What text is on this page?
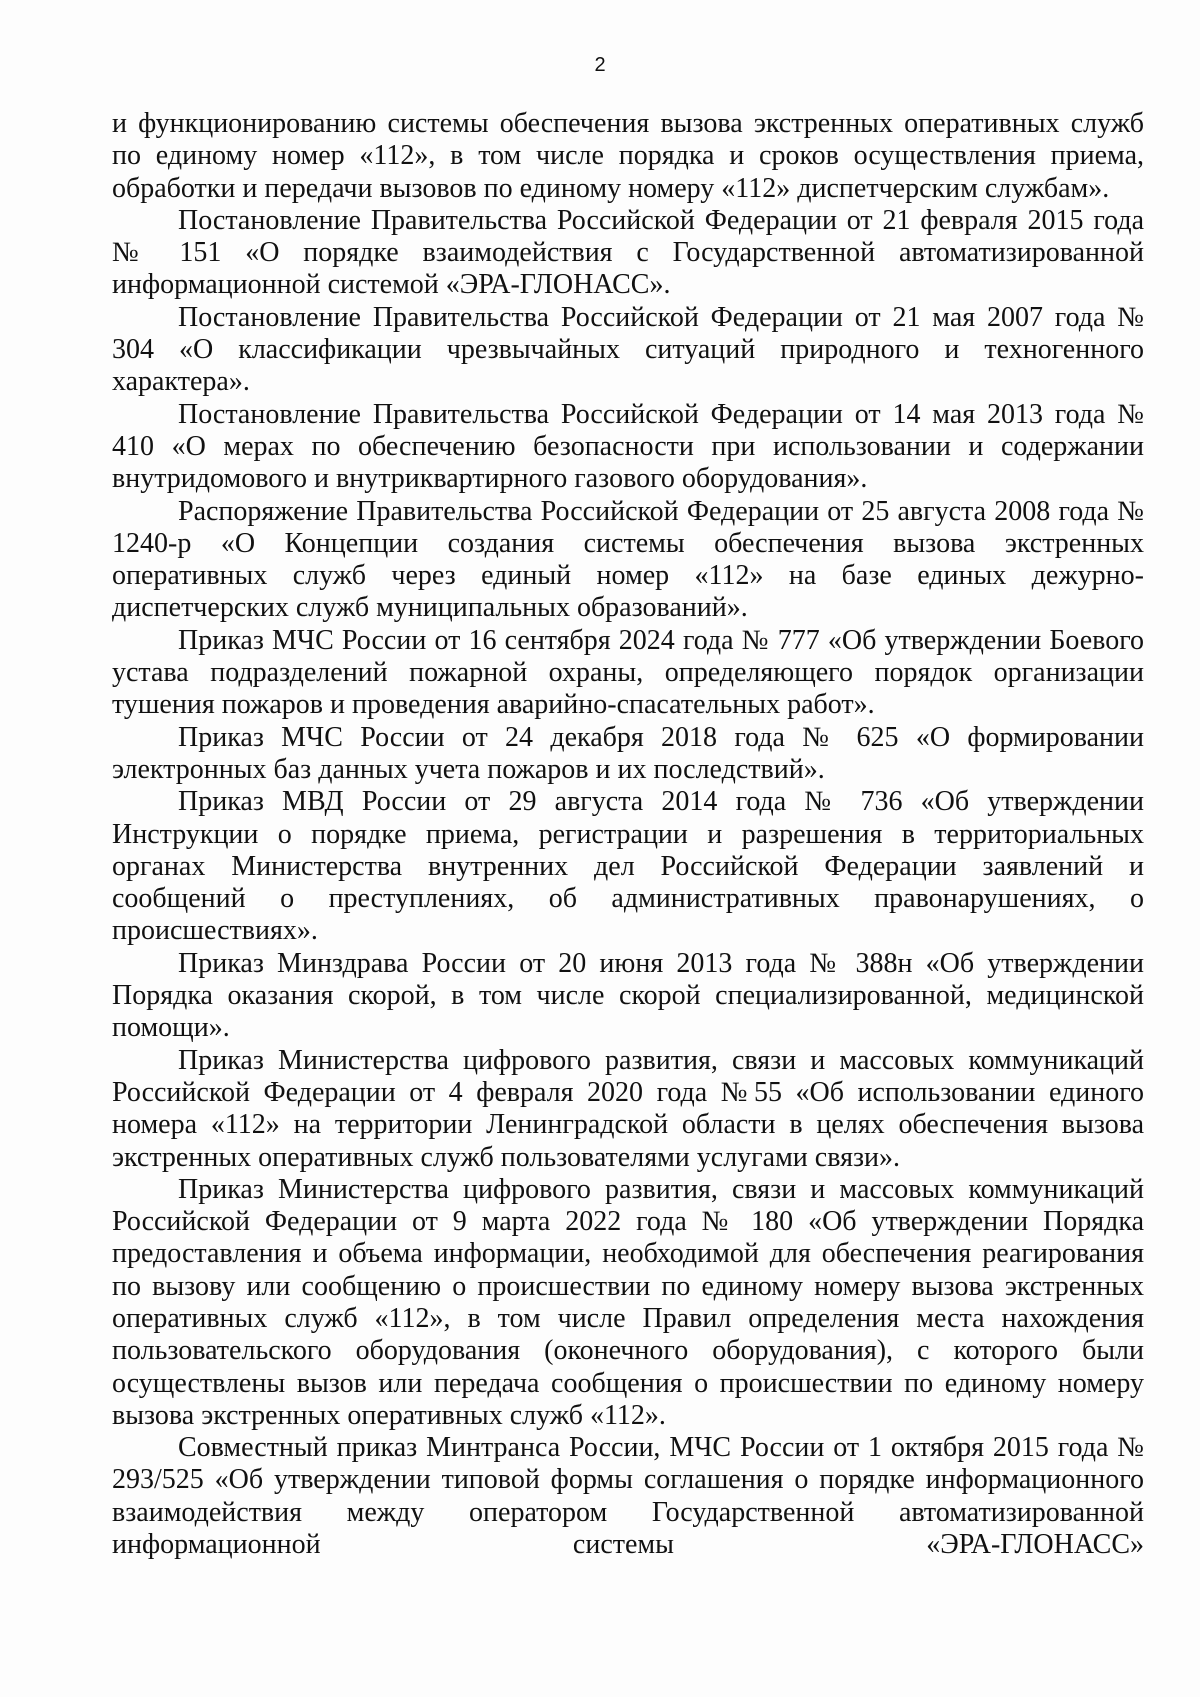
2

и функционированию системы обеспечения вызова экстренных оперативных служб по единому номер «112», в том числе порядка и сроков осуществления приема, обработки и передачи вызовов по единому номеру «112» диспетчерским службам».

Постановление Правительства Российской Федерации от 21 февраля 2015 года № 151 «О порядке взаимодействия с Государственной автоматизированной информационной системой «ЭРА-ГЛОНАСС».

Постановление Правительства Российской Федерации от 21 мая 2007 года № 304 «О классификации чрезвычайных ситуаций природного и техногенного характера».

Постановление Правительства Российской Федерации от 14 мая 2013 года № 410 «О мерах по обеспечению безопасности при использовании и содержании внутридомового и внутриквартирного газового оборудования».

Распоряжение Правительства Российской Федерации от 25 августа 2008 года № 1240-р «О Концепции создания системы обеспечения вызова экстренных оперативных служб через единый номер «112» на базе единых дежурно-диспетчерских служб муниципальных образований».

Приказ МЧС России от 16 сентября 2024 года № 777 «Об утверждении Боевого устава подразделений пожарной охраны, определяющего порядок организации тушения пожаров и проведения аварийно-спасательных работ».

Приказ МЧС России от 24 декабря 2018 года № 625 «О формировании электронных баз данных учета пожаров и их последствий».

Приказ МВД России от 29 августа 2014 года № 736 «Об утверждении Инструкции о порядке приема, регистрации и разрешения в территориальных органах Министерства внутренних дел Российской Федерации заявлений и сообщений о преступлениях, об административных правонарушениях, о происшествиях».

Приказ Минздрава России от 20 июня 2013 года № 388н «Об утверждении Порядка оказания скорой, в том числе скорой специализированной, медицинской помощи».

Приказ Министерства цифрового развития, связи и массовых коммуникаций Российской Федерации от 4 февраля 2020 года №55 «Об использовании единого номера «112» на территории Ленинградской области в целях обеспечения вызова экстренных оперативных служб пользователями услугами связи».

Приказ Министерства цифрового развития, связи и массовых коммуникаций Российской Федерации от 9 марта 2022 года № 180 «Об утверждении Порядка предоставления и объема информации, необходимой для обеспечения реагирования по вызову или сообщению о происшествии по единому номеру вызова экстренных оперативных служб «112», в том числе Правил определения места нахождения пользовательского оборудования (оконечного оборудования), с которого были осуществлены вызов или передача сообщения о происшествии по единому номеру вызова экстренных оперативных служб «112».

Совместный приказ Минтранса России, МЧС России от 1 октября 2015 года № 293/525 «Об утверждении типовой формы соглашения о порядке информационного взаимодействия между оператором Государственной автоматизированной информационной системы «ЭРА-ГЛОНАСС»
